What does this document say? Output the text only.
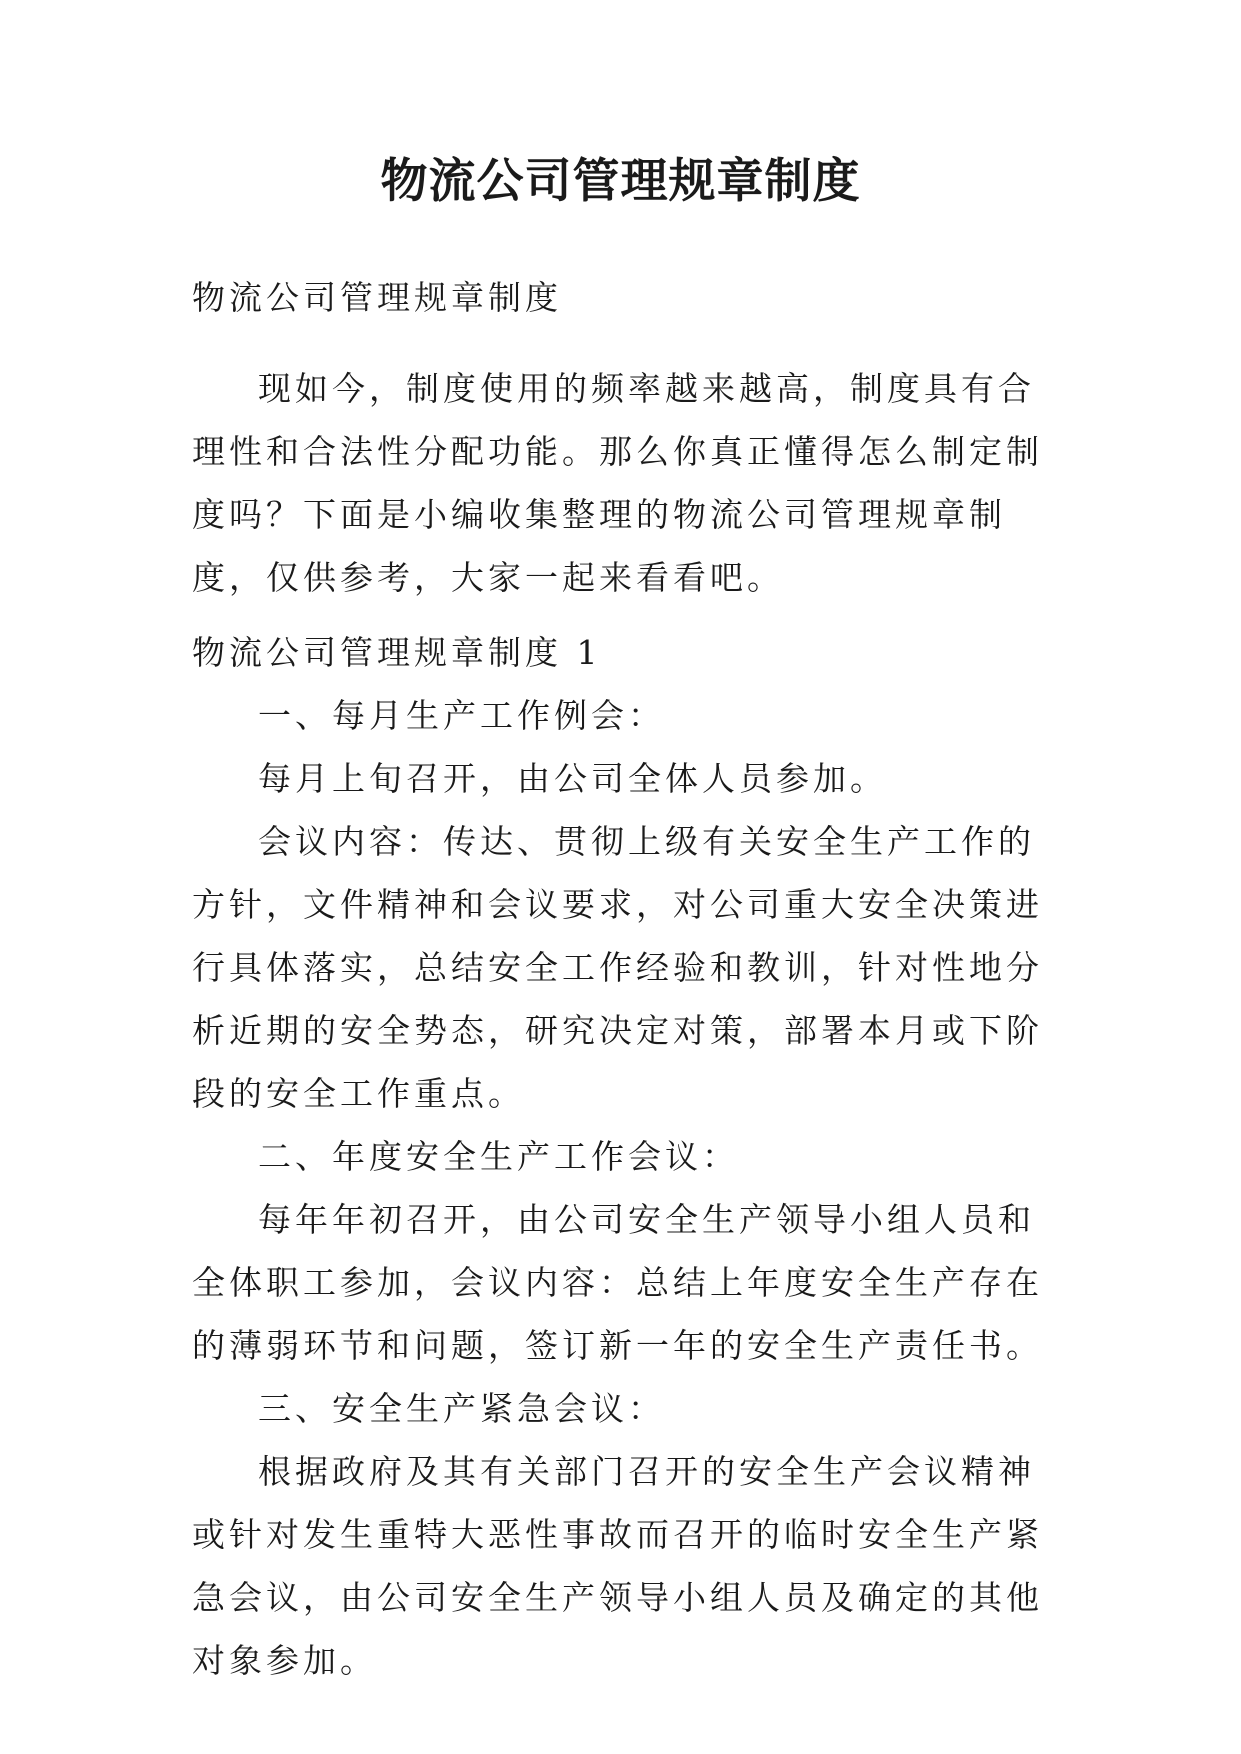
物流公司管理规章制度

物流公司管理规章制度

现如今，制度使用的频率越来越高，制度具有合理性和合法性分配功能。那么你真正懂得怎么制定制度吗？下面是小编收集整理的物流公司管理规章制度，仅供参考，大家一起来看看吧。

物流公司管理规章制度 1

一、每月生产工作例会：

每月上旬召开，由公司全体人员参加。

会议内容：传达、贯彻上级有关安全生产工作的方针，文件精神和会议要求，对公司重大安全决策进行具体落实，总结安全工作经验和教训，针对性地分析近期的安全势态，研究决定对策，部署本月或下阶段的安全工作重点。

二、年度安全生产工作会议：

每年年初召开，由公司安全生产领导小组人员和全体职工参加，会议内容：总结上年度安全生产存在的薄弱环节和问题，签订新一年的安全生产责任书。

三、安全生产紧急会议：

根据政府及其有关部门召开的安全生产会议精神或针对发生重特大恶性事故而召开的临时安全生产紧急会议，由公司安全生产领导小组人员及确定的其他对象参加。
